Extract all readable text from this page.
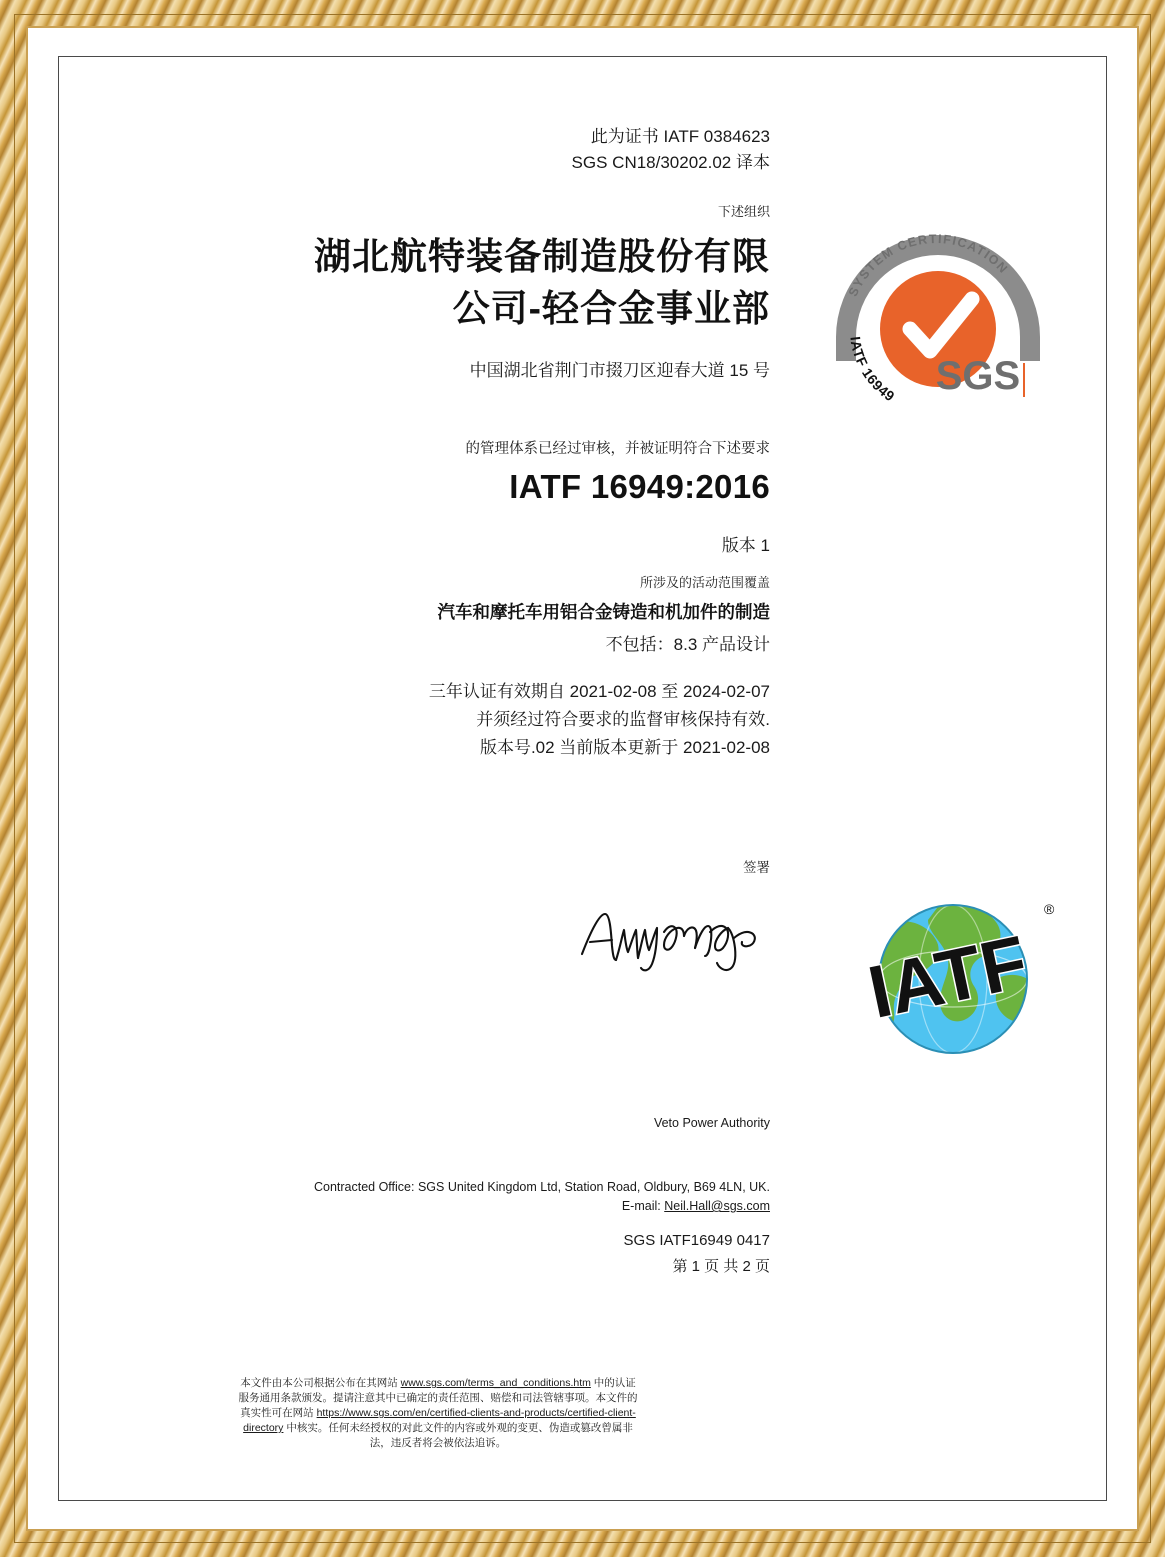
此为证书 IATF 0384623
SGS CN18/30202.02 译本
下述组织
湖北航特装备制造股份有限
公司-轻合金事业部
中国湖北省荆门市掇刀区迎春大道 15 号
的管理体系已经过审核，并被证明符合下述要求
IATF 16949:2016
版本 1
所涉及的活动范围覆盖
汽车和摩托车用铝合金铸造和机加件的制造
不包括：8.3 产品设计
三年认证有效期自 2021-02-08 至 2024-02-07
并须经过符合要求的监督审核保持有效.
版本号.02 当前版本更新于 2021-02-08
签署
Veto Power Authority
Contracted Office: SGS United Kingdom Ltd, Station Road, Oldbury, B69 4LN, UK.
E-mail: Neil.Hall@sgs.com
SGS IATF16949 0417
第 1 页 共 2 页
本文件由本公司根据公布在其网站 www.sgs.com/terms_and_conditions.htm 中的认证服务通用条款颁发。提请注意其中已确定的责任范围、赔偿和司法管辖事项。本文件的真实性可在网站 https://www.sgs.com/en/certified-clients-and-products/certified-client-directory 中核实。任何未经授权的对此文件的内容或外观的变更、伪造或篡改曾属非法，违反者将会被依法追诉。
SYSTEM CERTIFICATION
IATF 16949 SGS
IATF
®
